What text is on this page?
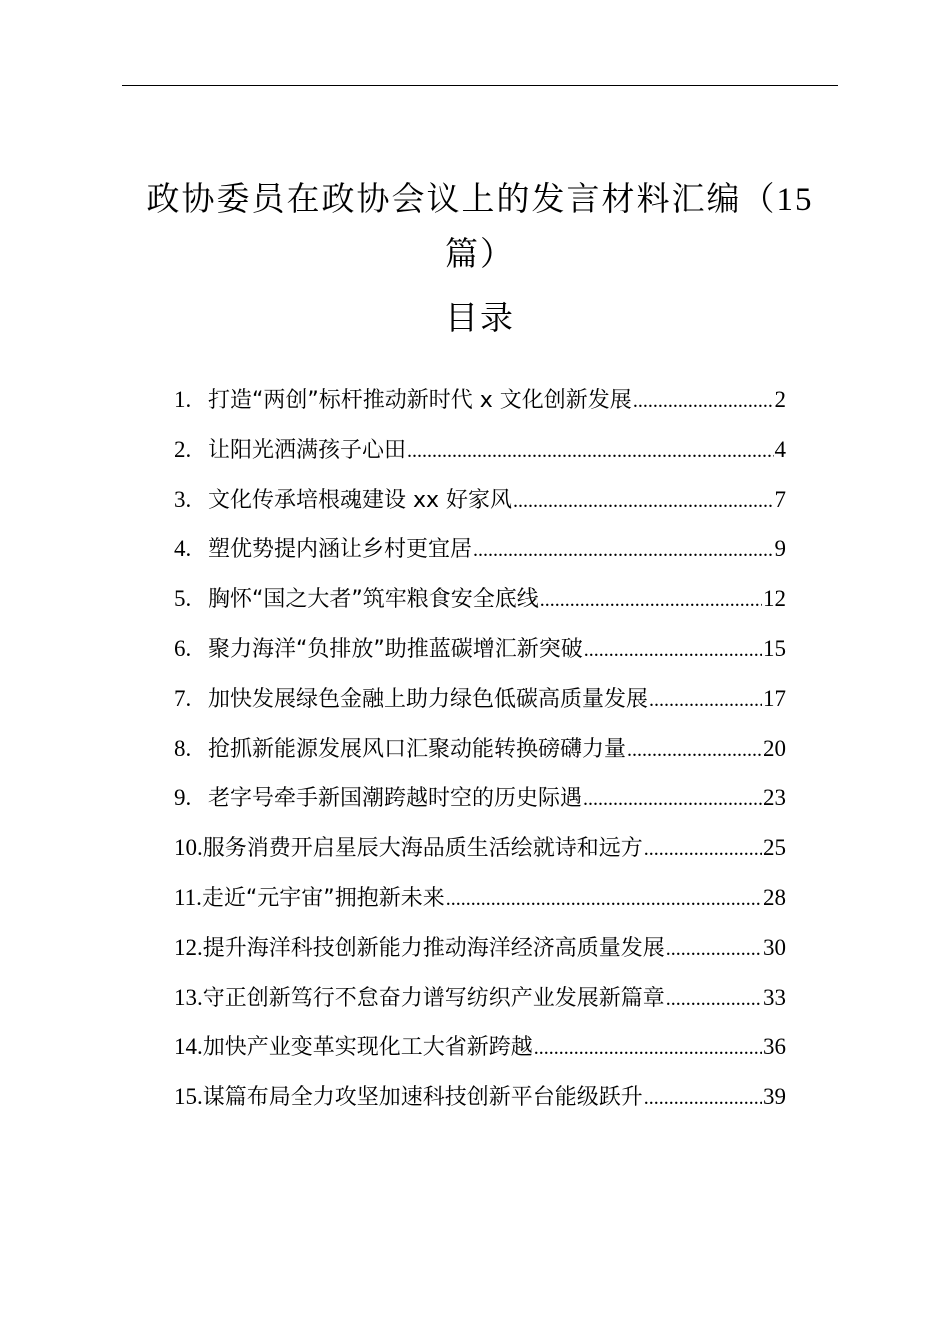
政协委员在政协会议上的发言材料汇编（15
篇）
目录
1. 打造“两创”标杆推动新时代 x 文化创新发展 .....	2
2. 让阳光洒满孩子心田 .....	4
3. 文化传承培根魂建设 xx 好家风 .....	7
4. 塑优势提内涵让乡村更宜居 .....	9
5. 胸怀“国之大者”筑牢粮食安全底线 .....	12
6. 聚力海洋“负排放”助推蓝碳增汇新突破 .....	15
7. 加快发展绿色金融上助力绿色低碳高质量发展 .....	17
8. 抢抓新能源发展风口汇聚动能转换磅礴力量 .....	20
9. 老字号牵手新国潮跨越时空的历史际遇 .....	23
10. 服务消费开启星辰大海品质生活绘就诗和远方 .....	25
11. 走近“元宇宙”拥抱新未来 .....	28
12. 提升海洋科技创新能力推动海洋经济高质量发展 .....	30
13. 守正创新笃行不怠奋力谱写纺织产业发展新篇章 .....	33
14. 加快产业变革实现化工大省新跨越 .....	36
15. 谋篇布局全力攻坚加速科技创新平台能级跃升 .....	39
